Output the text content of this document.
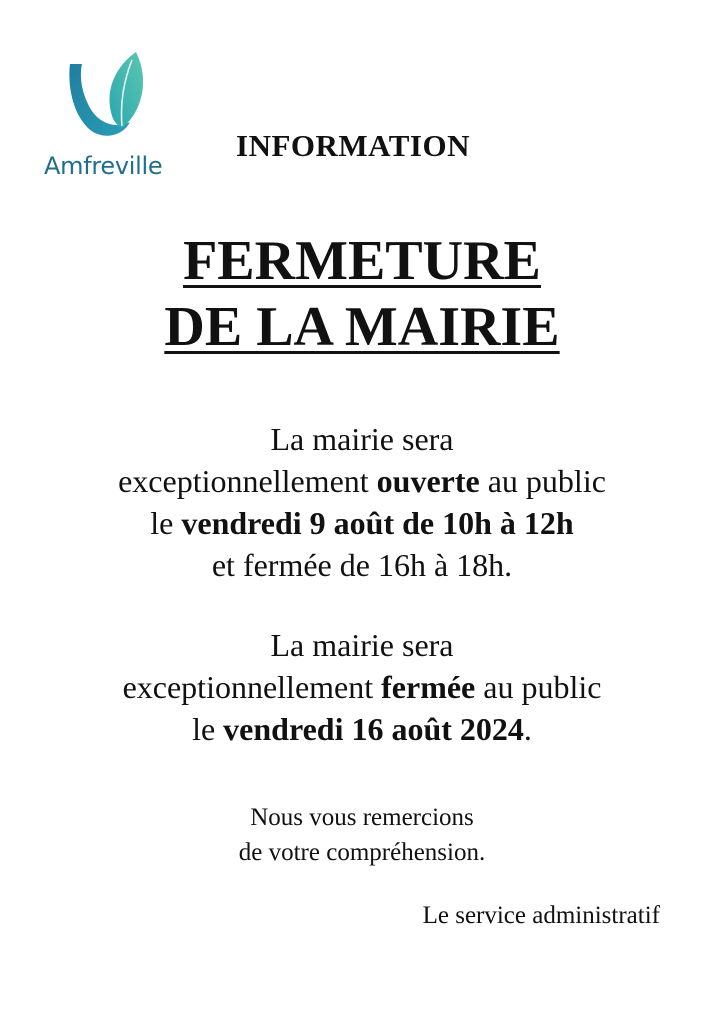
Amfreville
INFORMATION
FERMETURE
DE LA MAIRIE
La mairie sera
exceptionnellement ouverte au public
le vendredi 9 août de 10h à 12h
et fermée de 16h à 18h.
La mairie sera
exceptionnellement fermée au public
le vendredi 16 août 2024.
Nous vous remercions
de votre compréhension.
Le service administratif
